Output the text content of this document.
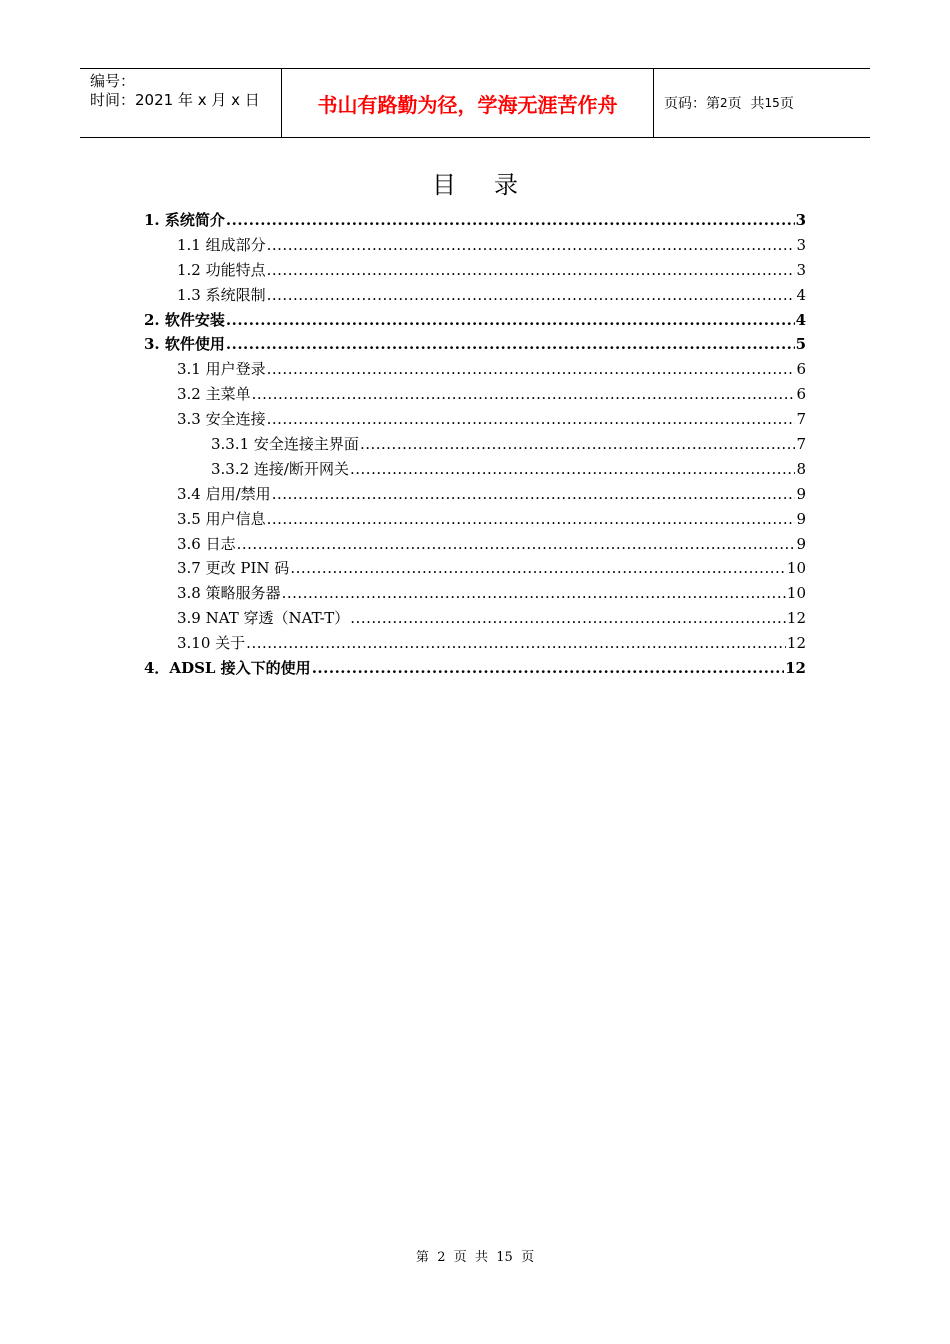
编号：
时间：2021 年 x 月 x 日	书山有路勤为径，学海无涯苦作舟	页码：第 2 页  共 15 页
目录
1. 系统简介 .....	3
1.1 组成部分 .....	3
1.2 功能特点 .....	3
1.3 系统限制 .....	4
2. 软件安装 .....	4
3. 软件使用 .....	5
3.1 用户登录 .....	6
3.2 主菜单 .....	6
3.3 安全连接 .....	7
3.3.1 安全连接主界面 .....	7
3.3.2 连接/断开网关 .....	8
3.4 启用/禁用 .....	9
3.5 用户信息 .....	9
3.6 日志 .....	9
3.7 更改 PIN 码 .....	10
3.8 策略服务器 .....	10
3.9 NAT 穿透（NAT-T） .....	12
3.10 关于 .....	12
4．ADSL 接入下的使用 .....	12
第 2 页  共 15 页
